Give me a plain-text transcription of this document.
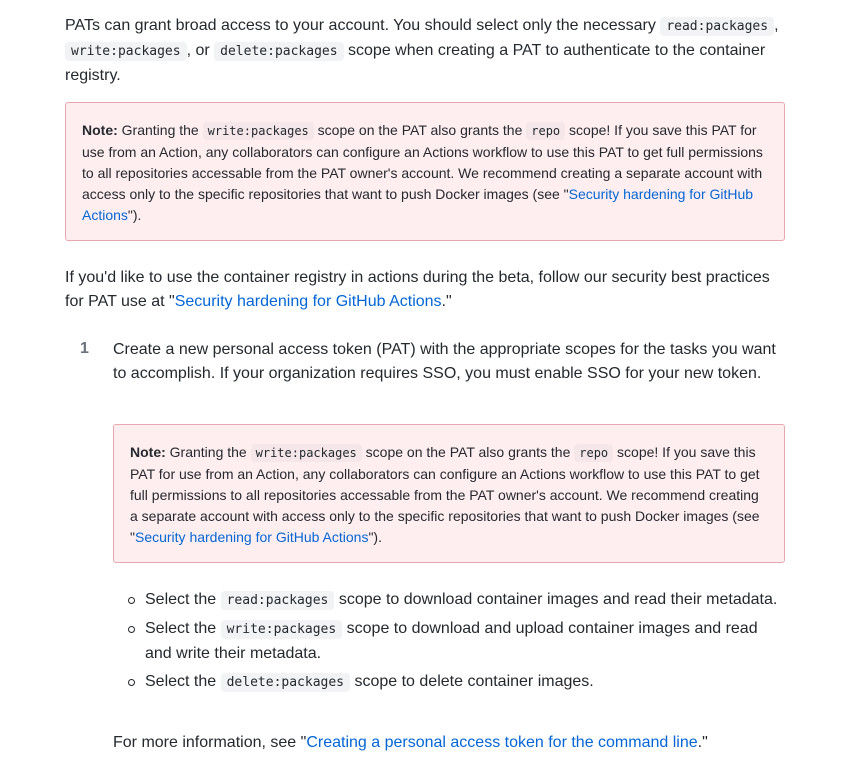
PATs can grant broad access to your account. You should select only the necessary read:packages , write:packages , or delete:packages scope when creating a PAT to authenticate to the container registry.

Note: Granting the write:packages scope on the PAT also grants the repo scope! If you save this PAT for use from an Action, any collaborators can configure an Actions workflow to use this PAT to get full permissions to all repositories accessable from the PAT owner's account. We recommend creating a separate account with access only to the specific repositories that want to push Docker images (see "Security hardening for GitHub Actions").

If you'd like to use the container registry in actions during the beta, follow our security best practices for PAT use at "Security hardening for GitHub Actions."

1 Create a new personal access token (PAT) with the appropriate scopes for the tasks you want to accomplish. If your organization requires SSO, you must enable SSO for your new token.

Note: Granting the write:packages scope on the PAT also grants the repo scope! If you save this PAT for use from an Action, any collaborators can configure an Actions workflow to use this PAT to get full permissions to all repositories accessable from the PAT owner's account. We recommend creating a separate account with access only to the specific repositories that want to push Docker images (see "Security hardening for GitHub Actions").
Select the read:packages scope to download container images and read their metadata.
Select the write:packages scope to download and upload container images and read and write their metadata.
Select the delete:packages scope to delete container images.

For more information, see "Creating a personal access token for the command line."
